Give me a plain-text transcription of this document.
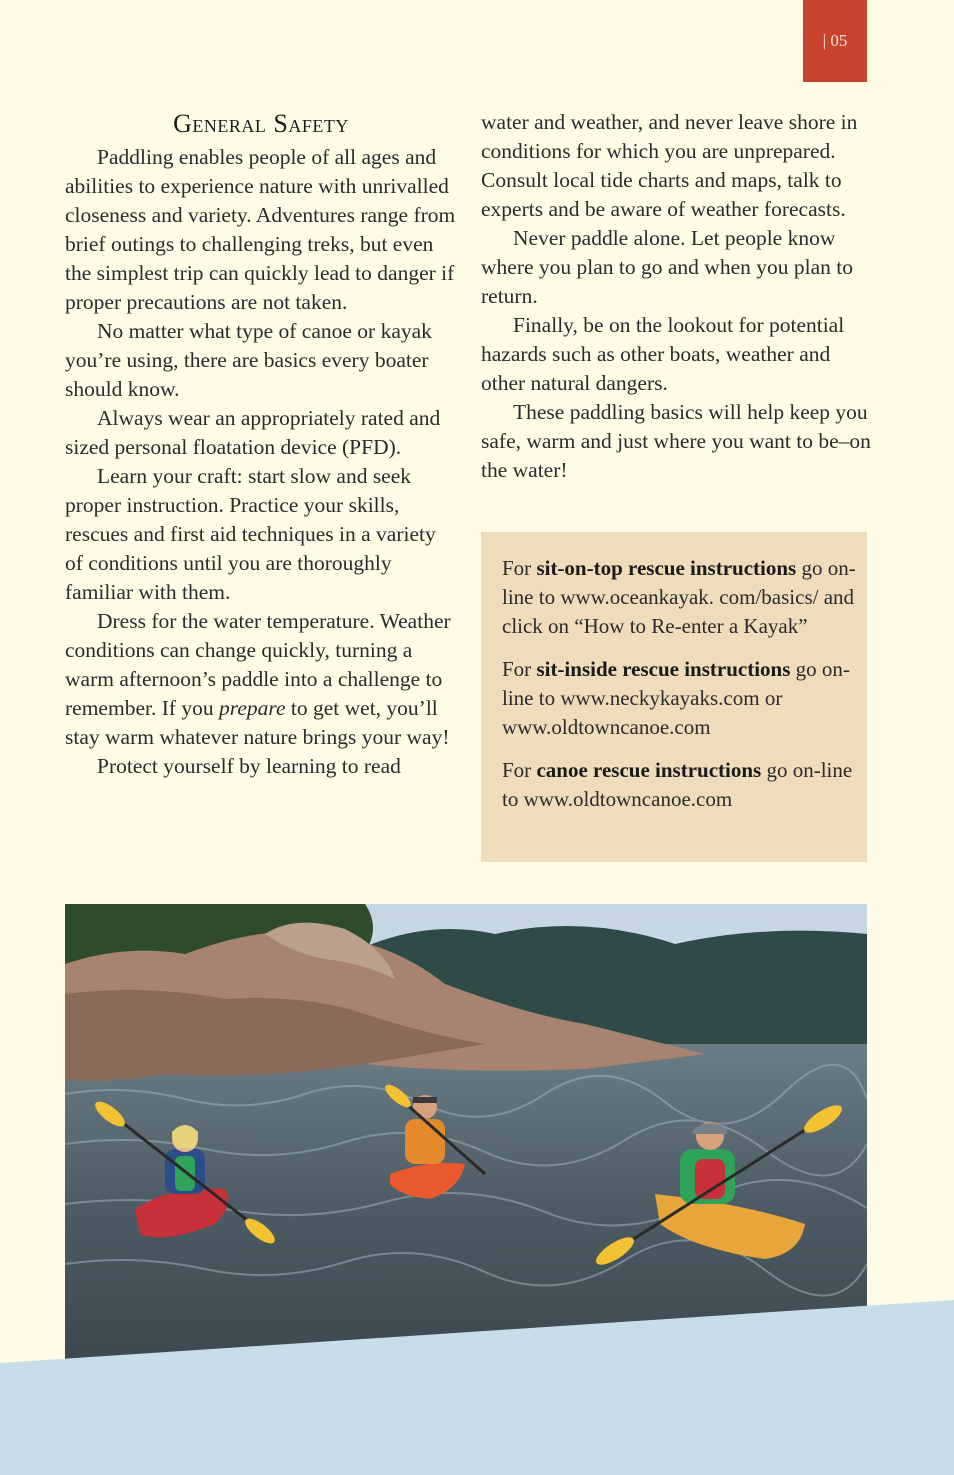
| 05
General Safety

Paddling enables people of all ages and abilities to experience nature with unrivalled closeness and variety. Adventures range from brief outings to challenging treks, but even the simplest trip can quickly lead to danger if proper precautions are not taken.

No matter what type of canoe or kayak you’re using, there are basics every boater should know.

Always wear an appropriately rated and sized personal floatation device (PFD).

Learn your craft: start slow and seek proper instruction. Practice your skills, rescues and first aid techniques in a variety of conditions until you are thoroughly familiar with them.

Dress for the water temperature. Weather conditions can change quickly, turning a warm afternoon’s paddle into a challenge to remember. If you prepare to get wet, you’ll stay warm whatever nature brings your way!

Protect yourself by learning to read

water and weather, and never leave shore in conditions for which you are unprepared. Consult local tide charts and maps, talk to experts and be aware of weather forecasts.

Never paddle alone. Let people know where you plan to go and when you plan to return.

Finally, be on the lookout for potential hazards such as other boats, weather and other natural dangers.

These paddling basics will help keep you safe, warm and just where you want to be–on the water!

For sit-on-top rescue instructions go on-line to www.oceankayak. com/basics/ and click on “How to Re-enter a Kayak”

For sit-inside rescue instructions go on-line to www.neckykayaks.com or www.oldtowncanoe.com

For canoe rescue instructions go on-line to www.oldtowncanoe.com
